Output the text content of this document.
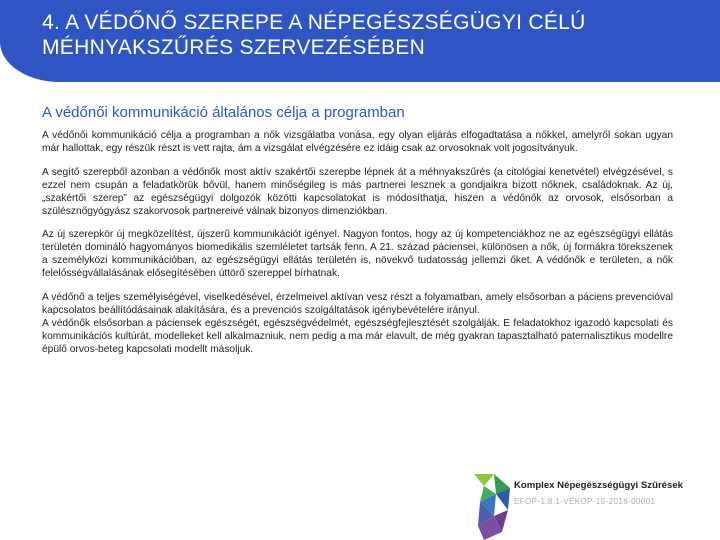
4. A VÉDŐNŐ SZEREPE A NÉPEGÉSZSÉGÜGYI CÉLÚ
MÉHNYAKSZŰRÉS SZERVEZÉSÉBEN
A védőnői kommunikáció általános célja a programban

A védőnői kommunikáció célja a programban a nők vizsgálatba vonása, egy olyan eljárás elfogadtatása a nőkkel, amelyről sokan ugyan már hallottak, egy részük részt is vett rajta, ám a vizsgálat elvégzésére ez idáig csak az orvosoknak volt jogosítványuk.

A segítő szerepből azonban a védőnők most aktív szakértői szerepbe lépnek át a méhnyakszűrés (a citológiai kenetvétel) elvégzésével, s ezzel nem csupán a feladatkörük bővül, hanem minőségileg is más partnerei lesznek a gondjaikra bízott nőknek, családoknak. Az új, „szakértői szerep” az egészségügyi dolgozók közötti kapcsolatokat is módosíthatja, hiszen a védőnők az orvosok, elsősorban a szülésznőgyógyász szakorvosok partnereivé válnak bizonyos dimenziókban.

Az új szerepkör új megközelítést, újszerű kommunikációt igényel. Nagyon fontos, hogy az új kompetenciákhoz ne az egészségügyi ellátás területén domináló hagyományos biomedikális szemléletet tartsák fenn. A 21. század páciensei, különösen a nők, új formákra törekszenek a személyközi kommunikációban, az egészségügyi ellátás területén is, növekvő tudatosság jellemzi őket. A védőnők e területen, a nők felelősségvállalásának elősegítésében úttörő szereppel bírhatnak.

A védőnő a teljes személyiségével, viselkedésével, érzelmeivel aktívan vesz részt a folyamatban, amely elsősorban a páciens prevencióval kapcsolatos beállítódásainak alakítására, és a prevenciós szolgáltatások igénybevételére irányul.

A védőnők elsősorban a páciensek egészségét, egészségvédelmét, egészségfejlesztését szolgálják. E feladatokhoz igazodó kapcsolati és kommunikációs kultúrát, modelleket kell alkalmazniuk, nem pedig a ma már elavult, de még gyakran tapasztalható paternalisztikus modellre épülő orvos-beteg kapcsolati modellt másoljuk.

Komplex Népegészségügyi Szűrések
EFOP-1.8.1-VEKOP-15-2016-00001
